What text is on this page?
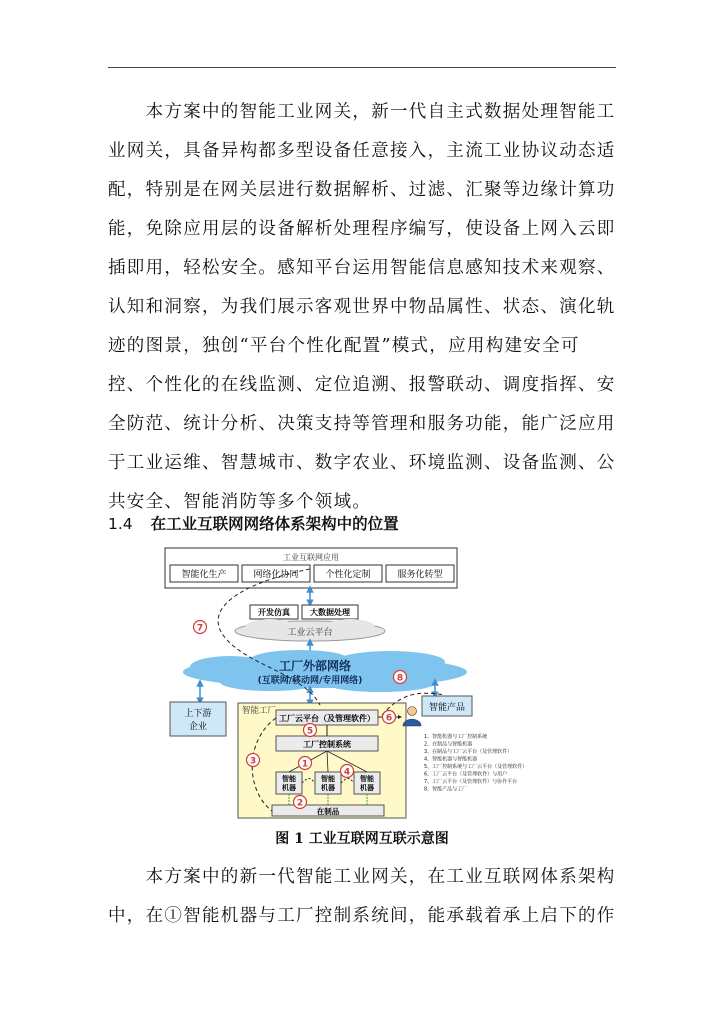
　　本方案中的智能工业网关，新一代自主式数据处理智能工
业网关，具备异构都多型设备任意接入，主流工业协议动态适
配，特别是在网关层进行数据解析、过滤、汇聚等边缘计算功
能，免除应用层的设备解析处理程序编写，使设备上网入云即
插即用，轻松安全。感知平台运用智能信息感知技术来观察、
认知和洞察，为我们展示客观世界中物品属性、状态、演化轨
迹的图景，独创“平台个性化配置”模式，应用构建安全可
控、个性化的在线监测、定位追溯、报警联动、调度指挥、安
全防范、统计分析、决策支持等管理和服务功能，能广泛应用
于工业运维、智慧城市、数字农业、环境监测、设备监测、公
共安全、智能消防等多个领域。
1.4 在工业互联网网络体系架构中的位置
工业互联网应用
智能化生产	网络化协同	个性化定制	服务化转型
开发仿真	大数据处理
工业云平台
工厂外部网络
(互联网/移动网/专用网络)
上下游
企业
智能产品
智能工厂
工厂云平台（及管理软件）
工厂控制系统
智能
机器
智能
机器
智能
机器
在制品
7
8
6
5
3	1
4
2
1、智能机器与工厂控制系统
2、在制品与智能机器
3、在制品与工厂云平台（及管理软件）
4、智能机器与智能机器
5、工厂控制系统与工厂云平台（及管理软件）
6、工厂云平台（及管理软件）与用户
7、工厂云平台（及管理软件）与协作平台
8、智能产品与工厂
图 1 工业互联网互联示意图
　　本方案中的新一代智能工业网关，在工业互联网体系架构
中，在①智能机器与工厂控制系统间，能承载着承上启下的作
